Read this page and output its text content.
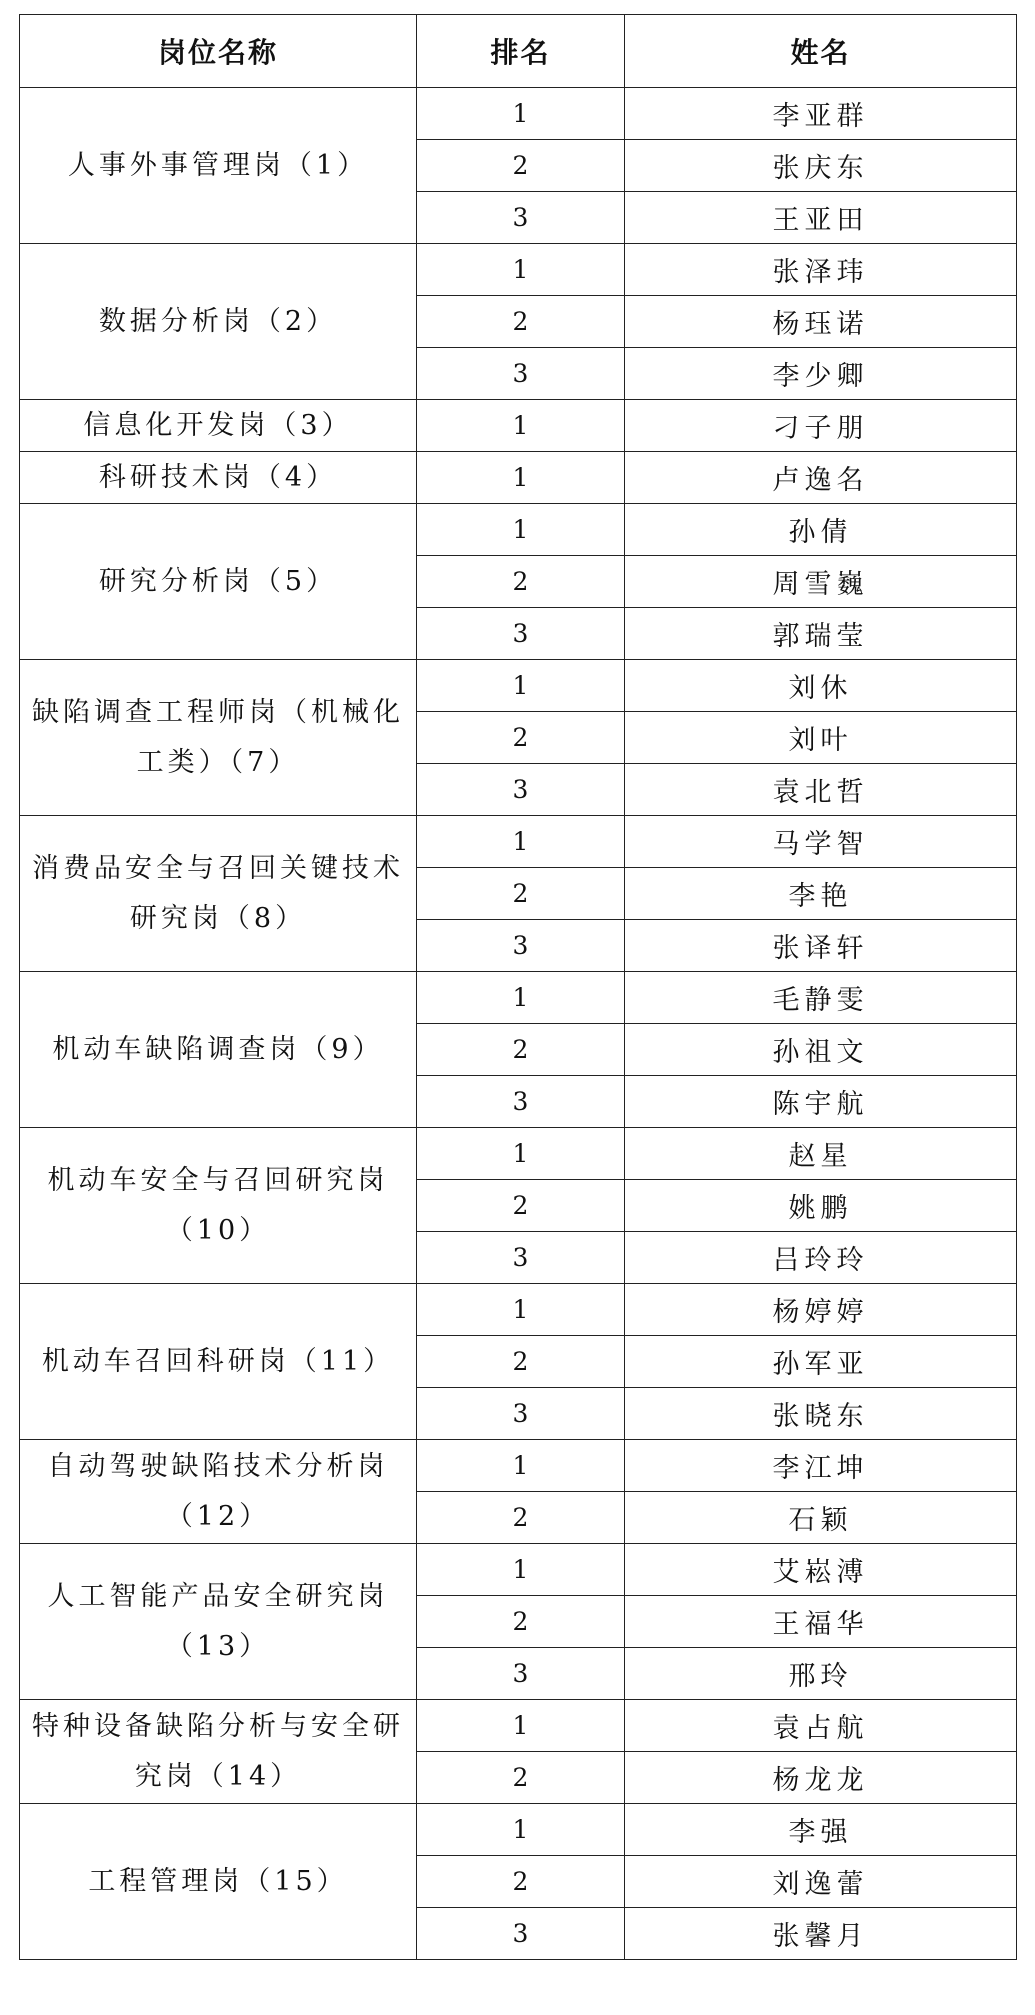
岗位名称	排名	姓名
人事外事管理岗（1）	1	李亚群
	2	张庆东
	3	王亚田
数据分析岗（2）	1	张泽玮
	2	杨珏诺
	3	李少卿
信息化开发岗（3）	1	刁子朋
科研技术岗（4）	1	卢逸名
研究分析岗（5）	1	孙倩
	2	周雪巍
	3	郭瑞莹
缺陷调查工程师岗（机械化工类）（7）	1	刘休
	2	刘叶
	3	袁北哲
消费品安全与召回关键技术研究岗（8）	1	马学智
	2	李艳
	3	张译轩
机动车缺陷调查岗（9）	1	毛静雯
	2	孙祖文
	3	陈宇航
机动车安全与召回研究岗（10）	1	赵星
	2	姚鹏
	3	吕玲玲
机动车召回科研岗（11）	1	杨婷婷
	2	孙军亚
	3	张晓东
自动驾驶缺陷技术分析岗（12）	1	李江坤
	2	石颖
人工智能产品安全研究岗（13）	1	艾崧溥
	2	王福华
	3	邢玲
特种设备缺陷分析与安全研究岗（14）	1	袁占航
	2	杨龙龙
工程管理岗（15）	1	李强
	2	刘逸蕾
	3	张馨月
